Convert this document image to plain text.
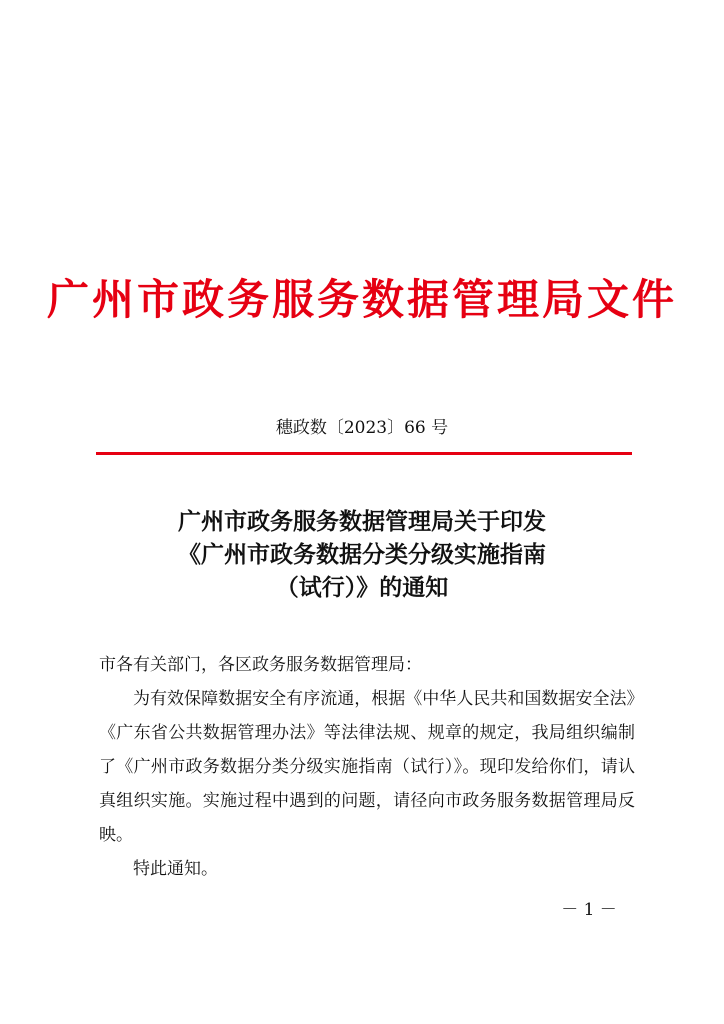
广州市政务服务数据管理局文件
穗政数〔2023〕66 号
广州市政务服务数据管理局关于印发
《广州市政务数据分类分级实施指南
（试行）》的通知

市各有关部门，各区政务服务数据管理局：

为有效保障数据安全有序流通，根据《中华人民共和国数据安全法》《广东省公共数据管理办法》等法律法规、规章的规定，我局组织编制了《广州市政务数据分类分级实施指南（试行）》。现印发给你们，请认真组织实施。实施过程中遇到的问题，请径向市政务服务数据管理局反映。

特此通知。

－ 1 －
